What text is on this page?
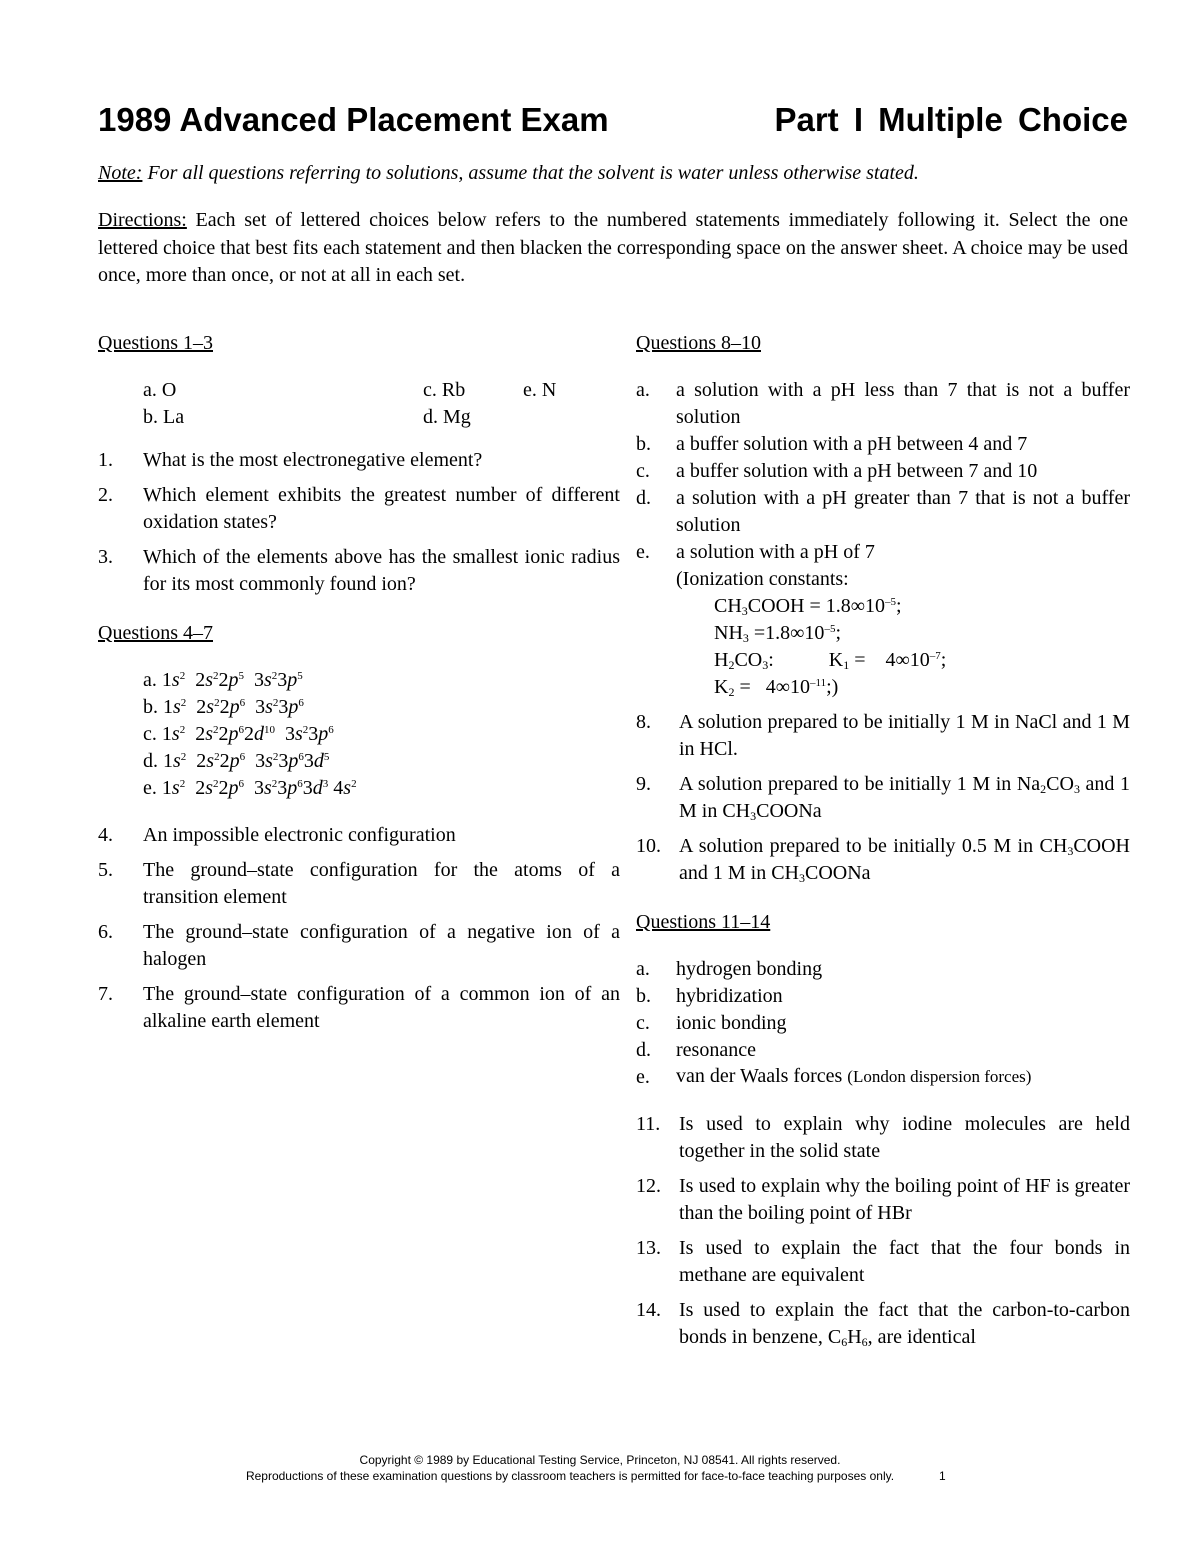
1989 Advanced Placement Exam	Part I Multiple Choice
Note: For all questions referring to solutions, assume that the solvent is water unless otherwise stated.
Directions: Each set of lettered choices below refers to the numbered statements immediately following it. Select the one lettered choice that best fits each statement and then blacken the corresponding space on the answer sheet. A choice may be used once, more than once, or not at all in each set.
Questions 1–3
a. O	c. Rb	e. N
b. La	d. Mg
1.	What is the most electronegative element?
2.	Which element exhibits the greatest number of different oxidation states?
3.	Which of the elements above has the smallest ionic radius for its most commonly found ion?
Questions 4–7
a. $1s^2$  $2s^22p^5$  $3s^23p^5$
b. $1s^2$  $2s^22p^6$  $3s^23p^6$
c. $1s^2$  $2s^22p^62d^{10}$  $3s^23p^6$
d. $1s^2$  $2s^22p^6$  $3s^23p^63d^5$
e. $1s^2$  $2s^22p^6$  $3s^23p^63d^3$ $4s^2$
4.	An impossible electronic configuration
5.	The ground–state configuration for the atoms of a transition element
6.	The ground–state configuration of a negative ion of a halogen
7.	The ground–state configuration of a common ion of an alkaline earth element
Questions 8–10
a.	a solution with a pH less than 7 that is not a buffer solution
b.	a buffer solution with a pH between 4 and 7
c.	a buffer solution with a pH between 7 and 10
d.	a solution with a pH greater than 7 that is not a buffer solution
e.	a solution with a pH of 7
(Ionization constants:
$CH_3COOH = 1.8\infty 10^{-5}$;
$NH_3 =1.8\infty 10^{-5}$;
$H_2CO_3$:           $K_1$ =    $4\infty 10^{-7}$;
$K_2$ =   $4\infty 10^{-11}$;)
8.	A solution prepared to be initially 1 M in NaCl and 1 M in HCl.
9.	A solution prepared to be initially 1 M in $Na_2CO_3$ and 1 M in $CH_3COONa$
10. A solution prepared to be initially 0.5 M in $CH_3COOH$ and 1 M in $CH_3COONa$
Questions 11–14
a.	hydrogen bonding
b.	hybridization
c.	ionic bonding
d.	resonance
e.	van der Waals forces (London dispersion forces)
11. Is used to explain why iodine molecules are held together in the solid state
12. Is used to explain why the boiling point of HF is greater than the boiling point of HBr
13. Is used to explain the fact that the four bonds in methane are equivalent
14. Is used to explain the fact that the carbon-to-carbon bonds in benzene, $C_6H_6$, are identical
Copyright © 1989 by Educational Testing Service, Princeton, NJ 08541. All rights reserved.
Reproductions of these examination questions by classroom teachers is permitted for face-to-face teaching purposes only.	1
